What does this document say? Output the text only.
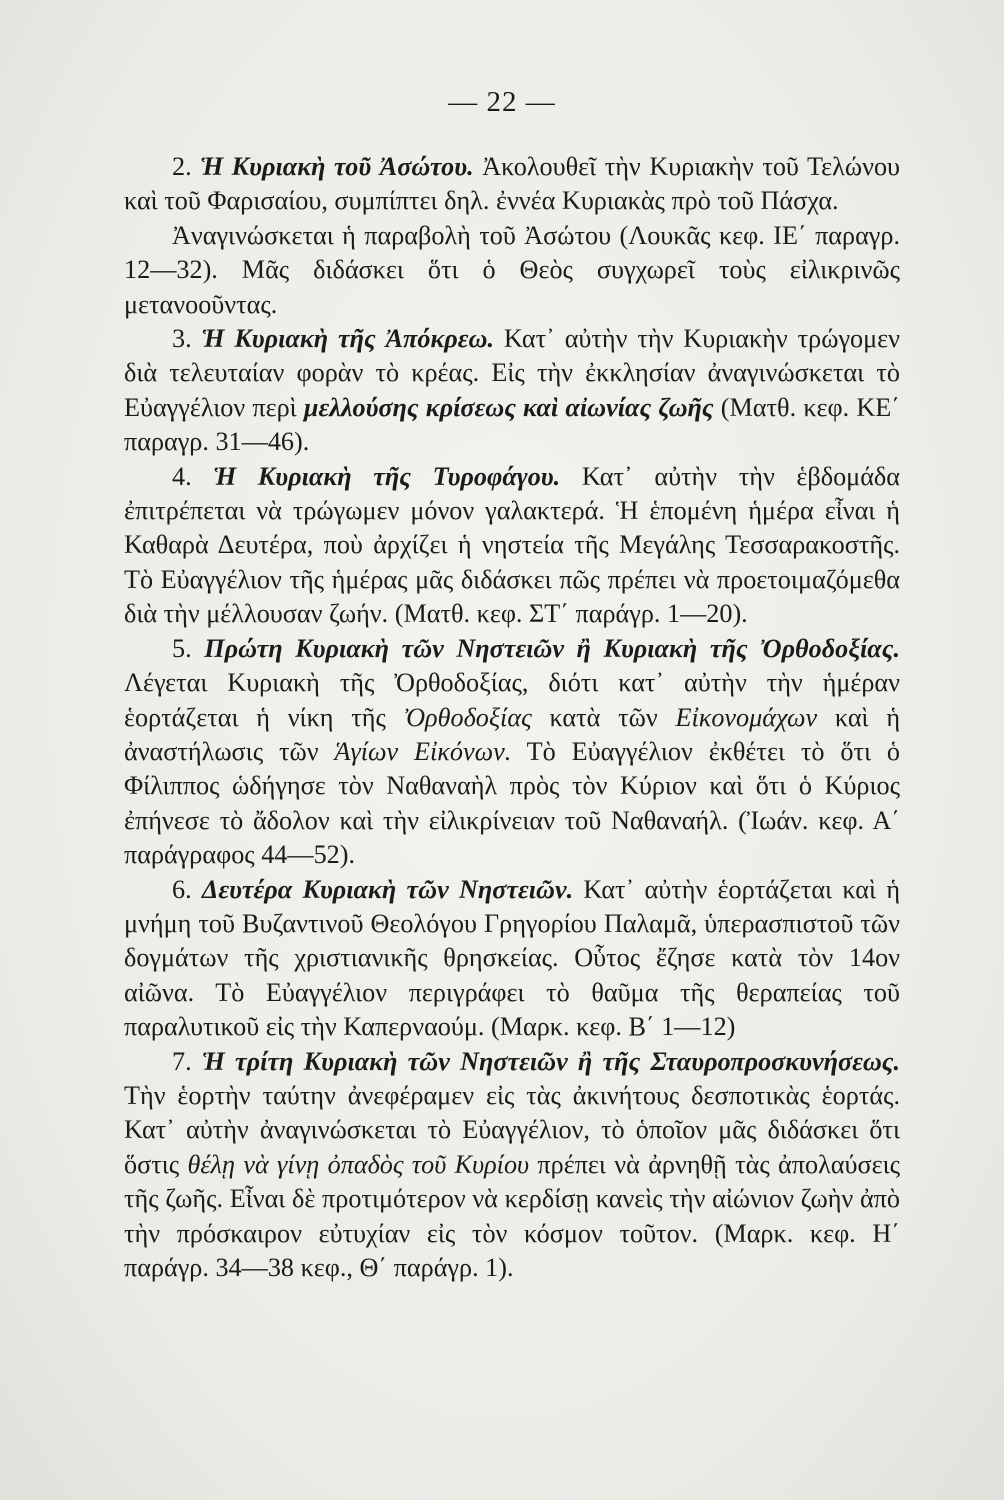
— 22 —

2. Ἡ Κυριακὴ τοῦ Ἀσώτου. Ἀκολουθεῖ τὴν Κυριακὴν τοῦ Τελώνου καὶ τοῦ Φαρισαίου, συμπίπτει δηλ. ἐννέα Κυριακὰς πρὸ τοῦ Πάσχα.

Ἀναγινώσκεται ἡ παραβολὴ τοῦ Ἀσώτου (Λουκᾶς κεφ. ΙΕ΄ παραγρ. 12—32). Μᾶς διδάσκει ὅτι ὁ Θεὸς συγχωρεῖ τοὺς εἰλικρινῶς μετανοοῦντας.

3. Ἡ Κυριακὴ τῆς Ἀπόκρεω. Κατ᾽ αὐτὴν τὴν Κυριακὴν τρώγομεν διὰ τελευταίαν φορὰν τὸ κρέας. Εἰς τὴν ἐκκλησίαν ἀναγινώσκεται τὸ Εὐαγγέλιον περὶ μελλούσης κρίσεως καὶ αἰωνίας ζωῆς (Ματθ. κεφ. ΚΕ΄ παραγρ. 31—46).

4. Ἡ Κυριακὴ τῆς Τυροφάγου. Κατ᾽ αὐτὴν τὴν ἑβδομάδα ἐπιτρέπεται νὰ τρώγωμεν μόνον γαλακτερά. Ἡ ἑπομένη ἡμέρα εἶναι ἡ Καθαρὰ Δευτέρα, ποὺ ἀρχίζει ἡ νηστεία τῆς Μεγάλης Τεσσαρακοστῆς. Τὸ Εὐαγγέλιον τῆς ἡμέρας μᾶς διδάσκει πῶς πρέπει νὰ προετοιμαζόμεθα διὰ τὴν μέλλουσαν ζωήν. (Ματθ. κεφ. ΣΤ΄ παράγρ. 1—20).

5. Πρώτη Κυριακὴ τῶν Νηστειῶν ἢ Κυριακὴ τῆς Ὀρθοδοξίας. Λέγεται Κυριακὴ τῆς Ὀρθοδοξίας, διότι κατ᾽ αὐτὴν τὴν ἡμέραν ἑορτάζεται ἡ νίκη τῆς Ὀρθοδοξίας κατὰ τῶν Εἰκονομάχων καὶ ἡ ἀναστήλωσις τῶν Ἁγίων Εἰκόνων. Τὸ Εὐαγγέλιον ἐκθέτει τὸ ὅτι ὁ Φίλιππος ὡδήγησε τὸν Ναθαναὴλ πρὸς τὸν Κύριον καὶ ὅτι ὁ Κύριος ἐπήνεσε τὸ ἄδολον καὶ τὴν εἰλικρίνειαν τοῦ Ναθαναήλ. (Ἰωάν. κεφ. Α΄ παράγραφος 44—52).

6. Δευτέρα Κυριακὴ τῶν Νηστειῶν. Κατ᾽ αὐτὴν ἑορτάζεται καὶ ἡ μνήμη τοῦ Βυζαντινοῦ Θεολόγου Γρηγορίου Παλαμᾶ, ὑπερασπιστοῦ τῶν δογμάτων τῆς χριστιανικῆς θρησκείας. Οὗτος ἔζησε κατὰ τὸν 14ον αἰῶνα. Τὸ Εὐαγγέλιον περιγράφει τὸ θαῦμα τῆς θεραπείας τοῦ παραλυτικοῦ εἰς τὴν Καπερναούμ. (Μαρκ. κεφ. Β΄ 1—12)

7. Ἡ τρίτη Κυριακὴ τῶν Νηστειῶν ἢ τῆς Σταυροπροσκυνήσεως. Τὴν ἑορτὴν ταύτην ἀνεφέραμεν εἰς τὰς ἀκινήτους δεσποτικὰς ἑορτάς. Κατ᾽ αὐτὴν ἀναγινώσκεται τὸ Εὐαγγέλιον, τὸ ὁποῖον μᾶς διδάσκει ὅτι ὅστις θέλῃ νὰ γίνῃ ὀπαδὸς τοῦ Κυρίου πρέπει νὰ ἀρνηθῇ τὰς ἀπολαύσεις τῆς ζωῆς. Εἶναι δὲ προτιμότερον νὰ κερδίσῃ κανεὶς τὴν αἰώνιον ζωὴν ἀπὸ τὴν πρόσκαιρον εὐτυχίαν εἰς τὸν κόσμον τοῦτον. (Μαρκ. κεφ. Η΄ παράγρ. 34—38 κεφ., Θ΄ παράγρ. 1).
